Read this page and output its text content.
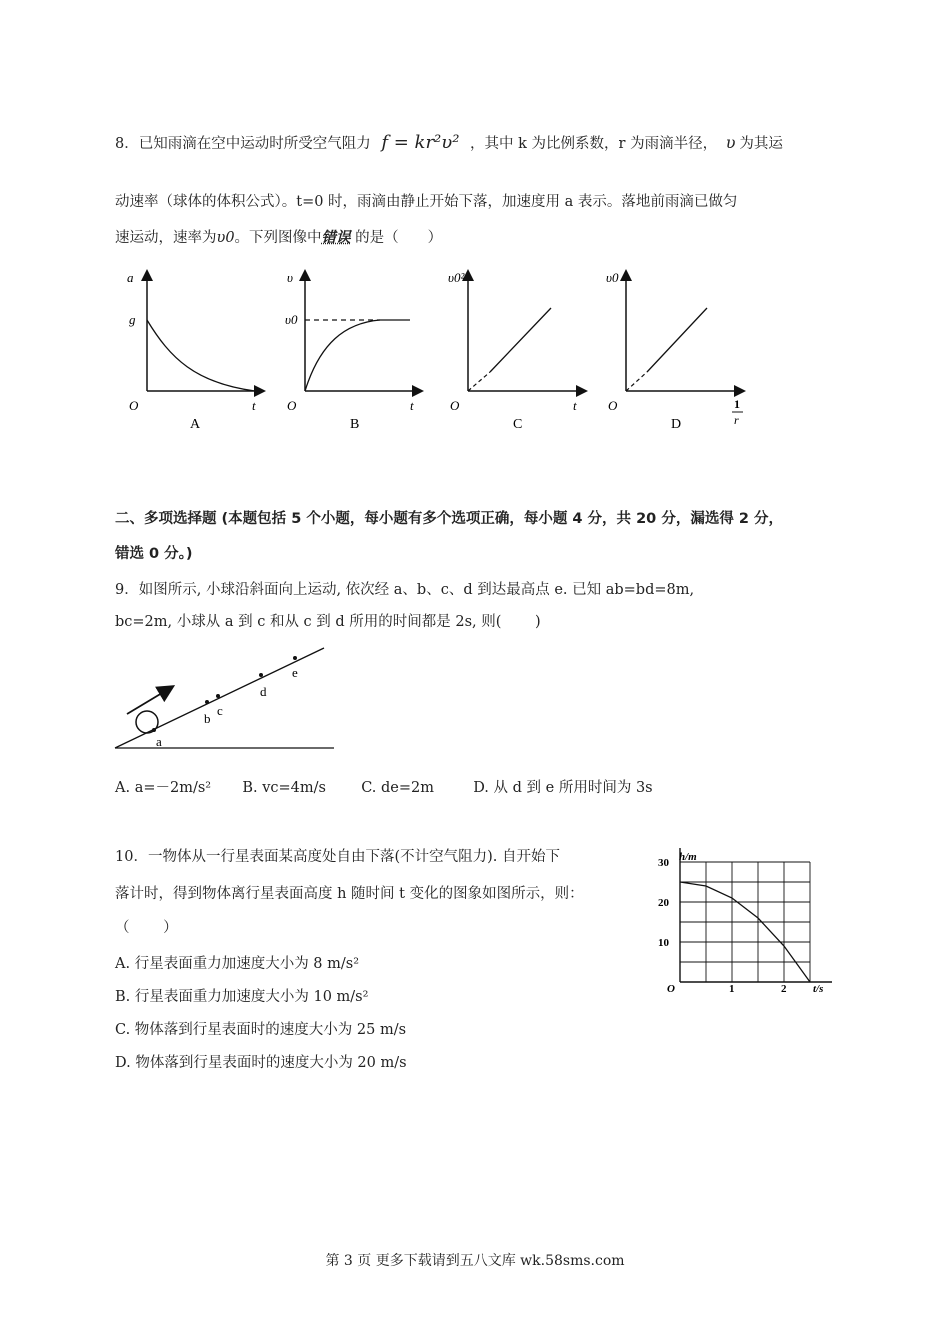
8．已知雨滴在空中运动时所受空气阻力 f = kr²υ² ，其中 k 为比例系数，r 为雨滴半径， υ 为其运
动速率（球体的体积公式）。t=0 时，雨滴由静止开始下落，加速度用 a 表示。落地前雨滴已做匀
速运动，速率为υ0。下列图像中错误 的是（　　）
a
g
O	t
A
υ
υ0
O	t
B
υ0²
O	t
C
υ0
O	1
r
D
二、多项选择题 (本题包括 5 个小题，每小题有多个选项正确，每小题 4 分，共 20 分，漏选得 2 分，
错选 0 分。)
9．如图所示, 小球沿斜面向上运动, 依次经 a、b、c、d 到达最高点 e. 已知 ab=bd=8m,
bc=2m, 小球从 a 到 c 和从 c 到 d 所用的时间都是 2s, 则(　　 )
a
b
c
d
e
A. a=－2m/s² B. vc=4m/s C. de=2m	D. 从 d 到 e 所用时间为 3s
10．一物体从一行星表面某高度处自由下落(不计空气阻力). 自开始下
落计时，得到物体离行星表面高度 h 随时间 t 变化的图象如图所示，则：
（　　 ）
A. 行星表面重力加速度大小为 8 m/s²
B. 行星表面重力加速度大小为 10 m/s²
C. 物体落到行星表面时的速度大小为 25 m/s
D. 物体落到行星表面时的速度大小为 20 m/s
30
20
10
1	2
h/m
t/s
O
第 3 页 更多下载请到五八文库 wk.58sms.com
